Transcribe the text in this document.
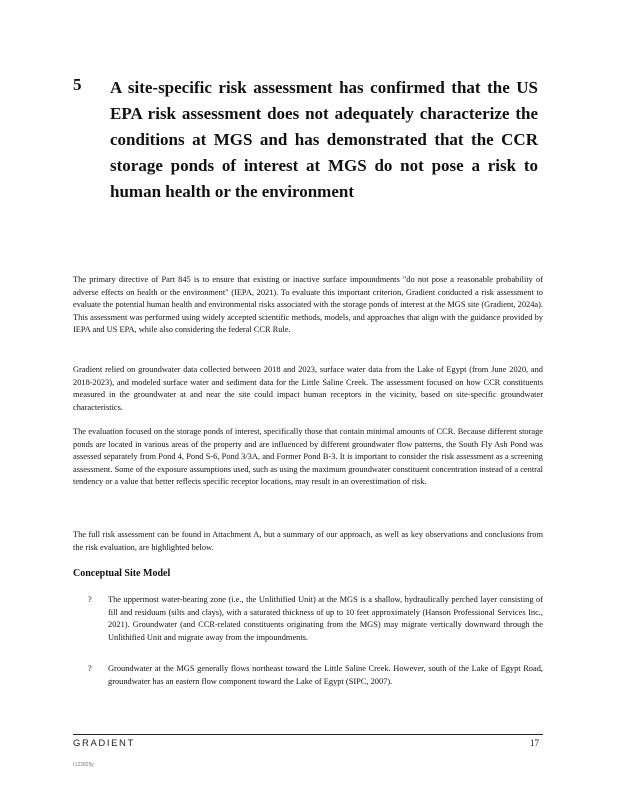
5 A site-specific risk assessment has confirmed that the US EPA risk assessment does not adequately characterize the conditions at MGS and has demonstrated that the CCR storage ponds of interest at MGS do not pose a risk to human health or the environment

The primary directive of Part 845 is to ensure that existing or inactive surface impoundments "do not pose a reasonable probability of adverse effects on health or the environment" (IEPA, 2021). To evaluate this important criterion, Gradient conducted a risk assessment to evaluate the potential human health and environmental risks associated with the storage ponds of interest at the MGS site (Gradient, 2024a). This assessment was performed using widely accepted scientific methods, models, and approaches that align with the guidance provided by IEPA and US EPA, while also considering the federal CCR Rule.

Gradient relied on groundwater data collected between 2018 and 2023, surface water data from the Lake of Egypt (from June 2020, and 2018-2023), and modeled surface water and sediment data for the Little Saline Creek. The assessment focused on how CCR constituents measured in the groundwater at and near the site could impact human receptors in the vicinity, based on site-specific groundwater characteristics.

The evaluation focused on the storage ponds of interest, specifically those that contain minimal amounts of CCR. Because different storage ponds are located in various areas of the property and are influenced by different groundwater flow patterns, the South Fly Ash Pond was assessed separately from Pond 4, Pond S-6, Pond 3/3A, and Former Pond B-3. It is important to consider the risk assessment as a screening assessment. Some of the exposure assumptions used, such as using the maximum groundwater constituent concentration instead of a central tendency or a value that better reflects specific receptor locations, may result in an overestimation of risk.

The full risk assessment can be found in Attachment A, but a summary of our approach, as well as key observations and conclusions from the risk evaluation, are highlighted below.

Conceptual Site Model
? The uppermost water-bearing zone (i.e., the Unlithified Unit) at the MGS is a shallow, hydraulically perched layer consisting of fill and residuum (silts and clays), with a saturated thickness of up to 10 feet approximately (Hanson Professional Services Inc., 2021). Groundwater (and CCR-related constituents originating from the MGS) may migrate vertically downward through the Unlithified Unit and migrate away from the impoundments.
? Groundwater at the MGS generally flows northeast toward the Little Saline Creek. However, south of the Lake of Egypt Road, groundwater has an eastern flow component toward the Lake of Egypt (SIPC, 2007).
GRADIENT	17
r122829y
